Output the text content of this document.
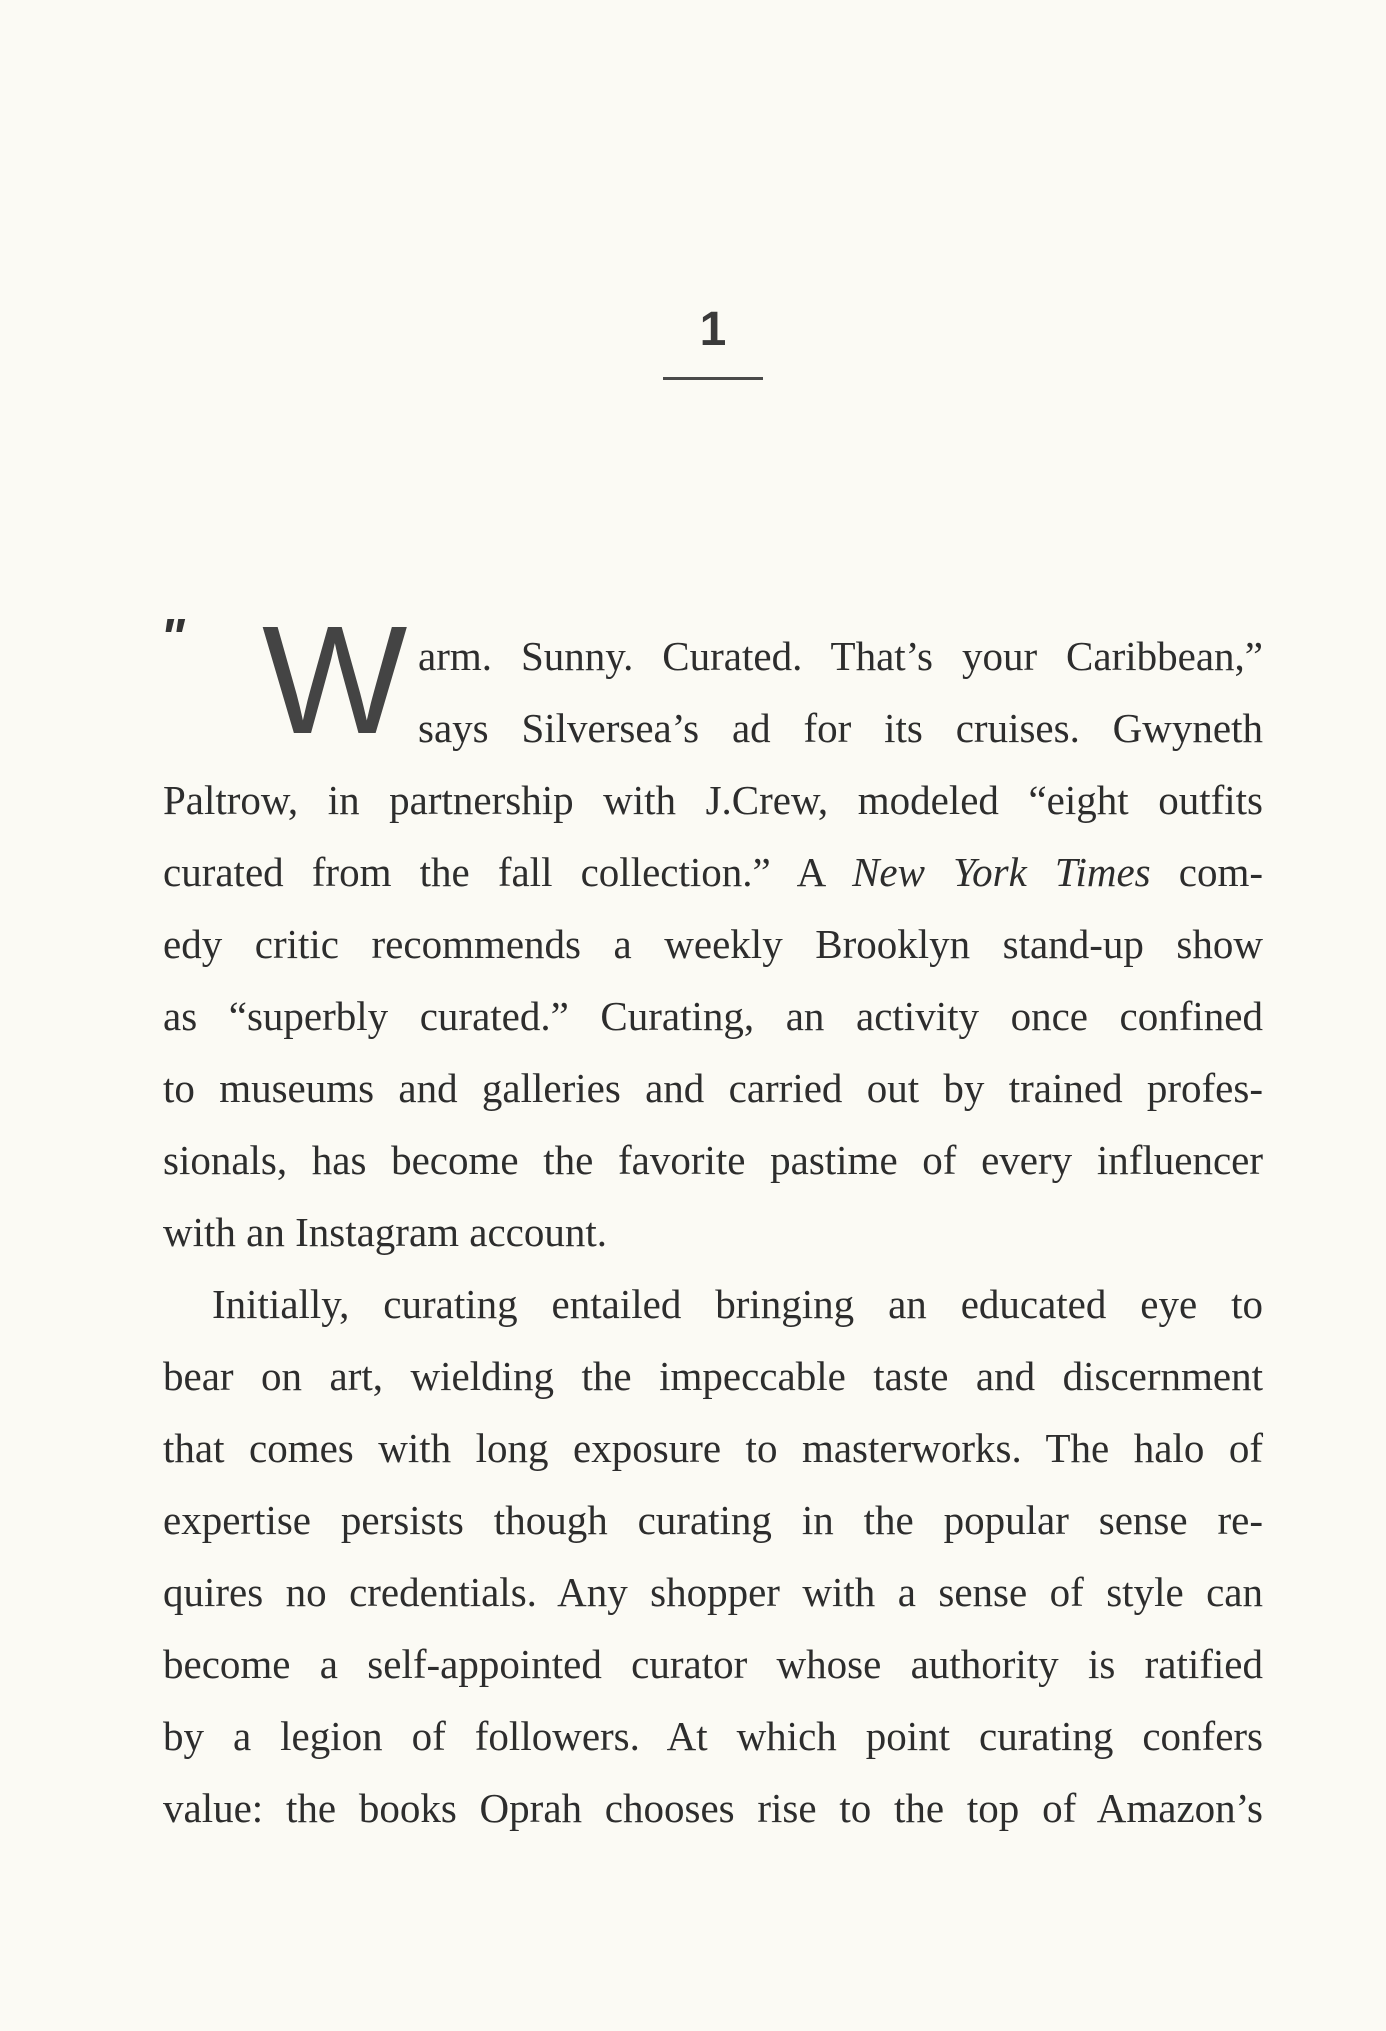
1
" W arm. Sunny. Curated. That’s your Caribbean,”
says Silversea’s ad for its cruises. Gwyneth
Paltrow, in partnership with J.Crew, modeled “eight outfits
curated from the fall collection.” A New York Times com-
edy critic recommends a weekly Brooklyn stand-up show
as “superbly curated.” Curating, an activity once confined
to museums and galleries and carried out by trained profes-
sionals, has become the favorite pastime of every influencer
with an Instagram account.
Initially, curating entailed bringing an educated eye to
bear on art, wielding the impeccable taste and discernment
that comes with long exposure to masterworks. The halo of
expertise persists though curating in the popular sense re-
quires no credentials. Any shopper with a sense of style can
become a self-appointed curator whose authority is ratified
by a legion of followers. At which point curating confers
value: the books Oprah chooses rise to the top of Amazon’s
